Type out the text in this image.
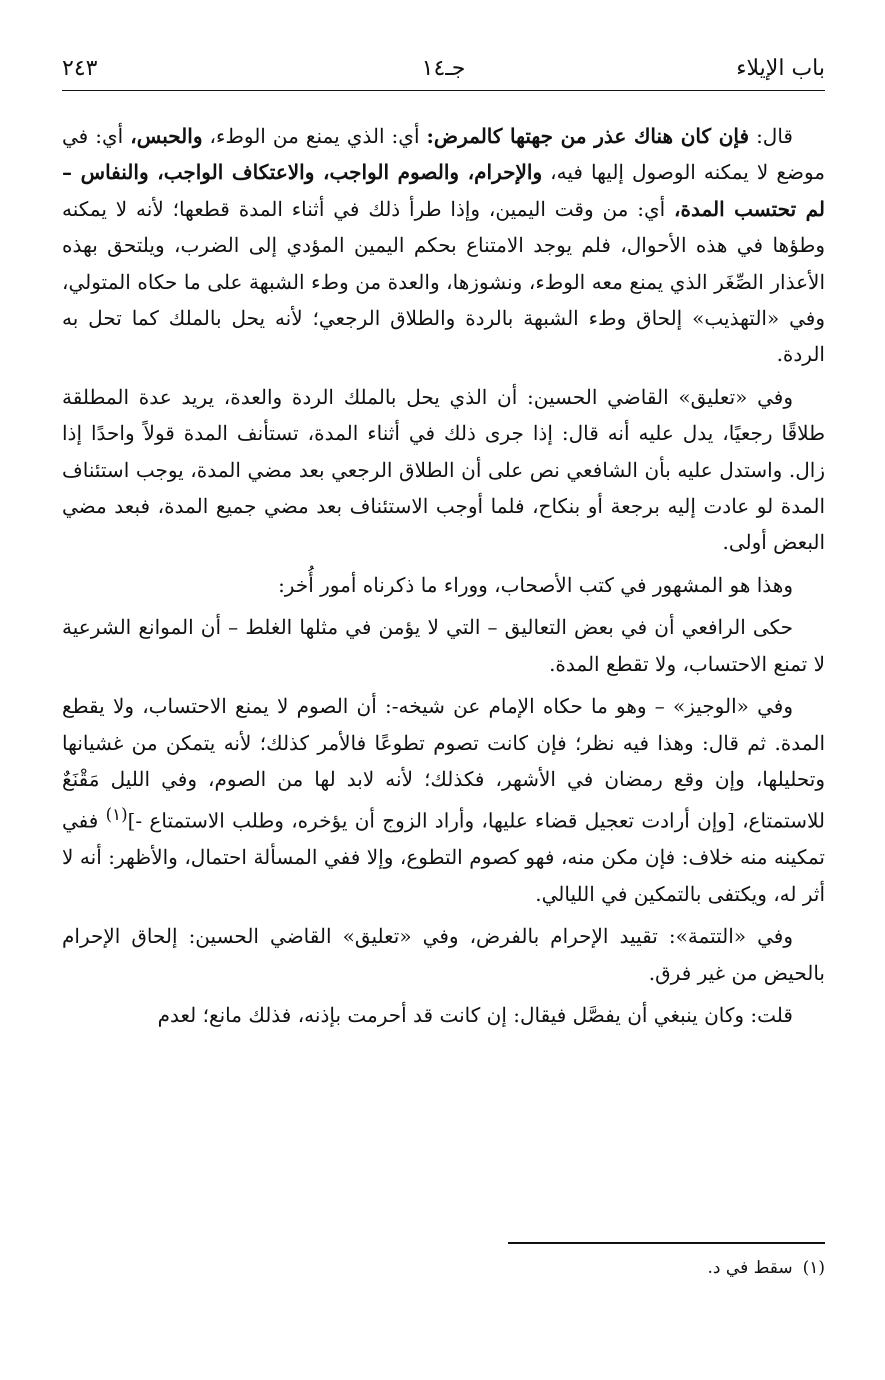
باب الإيلاء
جـ١٤
٢٤٣

قال: فإن كان هناك عذر من جهتها كالمرض: أي: الذي يمنع من الوطء، والحبس، أي: في موضع لا يمكنه الوصول إليها فيه، والإحرام، والصوم الواجب، والاعتكاف الواجب، والنفاس – لم تحتسب المدة، أي: من وقت اليمين، وإذا طرأ ذلك في أثناء المدة قطعها؛ لأنه لا يمكنه وطؤها في هذه الأحوال، فلم يوجد الامتناع بحكم اليمين المؤدي إلى الضرب، ويلتحق بهذه الأعذار الصِّغَر الذي يمنع معه الوطء، ونشوزها، والعدة من وطء الشبهة على ما حكاه المتولي، وفي «التهذيب» إلحاق وطء الشبهة بالردة والطلاق الرجعي؛ لأنه يحل بالملك كما تحل به الردة.

وفي «تعليق» القاضي الحسين: أن الذي يحل بالملك الردة والعدة، يريد عدة المطلقة طلاقًا رجعيًا، يدل عليه أنه قال: إذا جرى ذلك في أثناء المدة، تستأنف المدة قولاً واحدًا إذا زال. واستدل عليه بأن الشافعي نص على أن الطلاق الرجعي بعد مضي المدة، يوجب استئناف المدة لو عادت إليه برجعة أو بنكاح، فلما أوجب الاستئناف بعد مضي جميع المدة، فبعد مضي البعض أولى.

وهذا هو المشهور في كتب الأصحاب، ووراء ما ذكرناه أمور أُخر:

حكى الرافعي أن في بعض التعاليق – التي لا يؤمن في مثلها الغلط – أن الموانع الشرعية لا تمنع الاحتساب، ولا تقطع المدة.

وفي «الوجيز» – وهو ما حكاه الإمام عن شيخه-: أن الصوم لا يمنع الاحتساب، ولا يقطع المدة. ثم قال: وهذا فيه نظر؛ فإن كانت تصوم تطوعًا فالأمر كذلك؛ لأنه يتمكن من غشيانها وتحليلها، وإن وقع رمضان في الأشهر، فكذلك؛ لأنه لابد لها من الصوم، وفي الليل مَقْنَعٌ للاستمتاع، [وإن أرادت تعجيل قضاء عليها، وأراد الزوج أن يؤخره، وطلب الاستمتاع -]$^{(١)}$ ففي تمكينه منه خلاف: فإن مكن منه، فهو كصوم التطوع، وإلا ففي المسألة احتمال، والأظهر: أنه لا أثر له، ويكتفى بالتمكين في الليالي.

وفي «التتمة»: تقييد الإحرام بالفرض، وفي «تعليق» القاضي الحسين: إلحاق الإحرام بالحيض من غير فرق.

قلت: وكان ينبغي أن يفصَّل فيقال: إن كانت قد أحرمت بإذنه، فذلك مانع؛ لعدم

(١)سقط في د.
